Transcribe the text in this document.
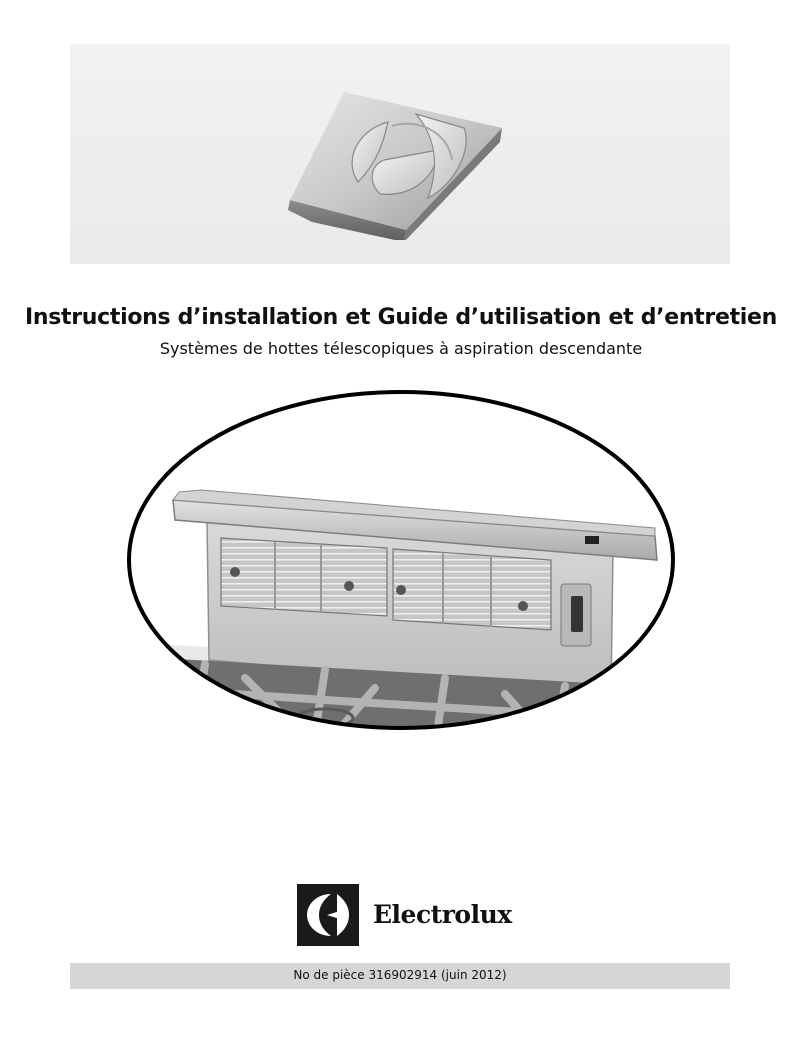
Instructions d’installation et Guide d’utilisation et d’entretien
Systèmes de hottes télescopiques à aspiration descendante
Electrolux
No de pièce 316902914 (juin 2012)
